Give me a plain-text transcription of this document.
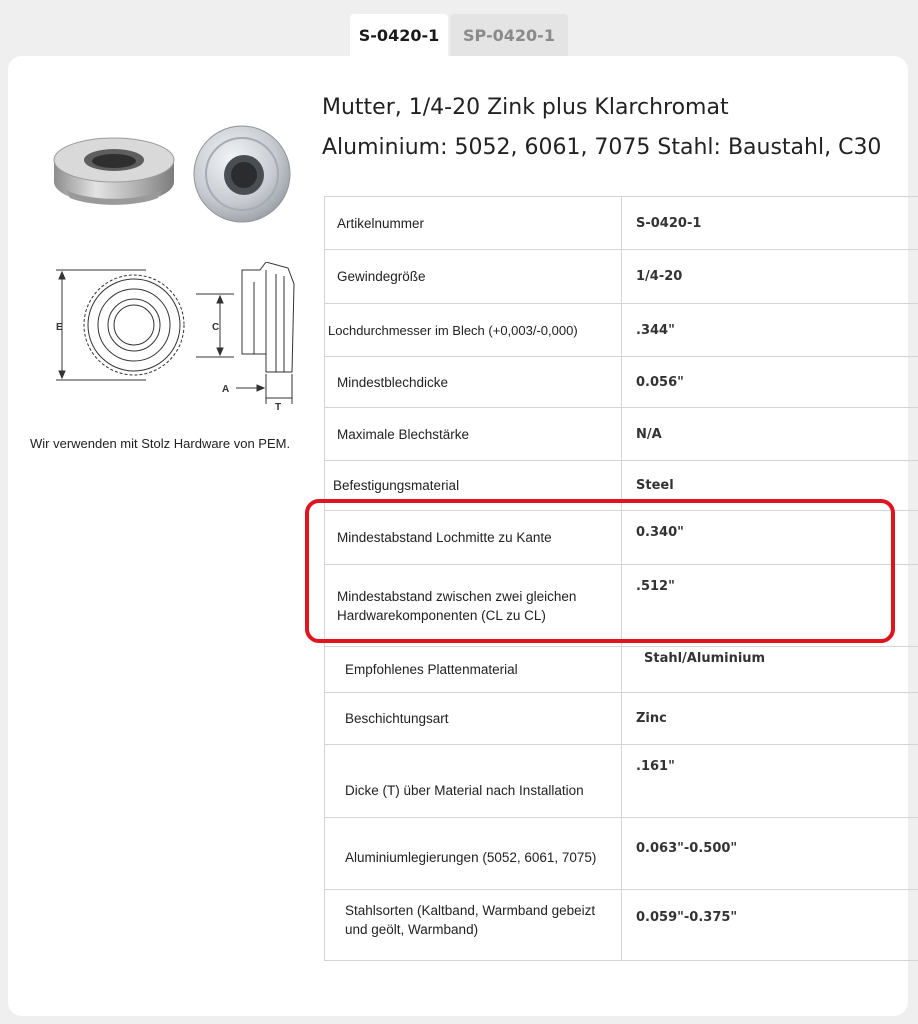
S-0420-1	SP-0420-1
E	C
A
T
Wir verwenden mit Stolz Hardware von PEM.
Mutter, 1/4-20 Zink plus Klarchromat
Aluminium: 5052, 6061, 7075 Stahl: Baustahl, C30
Artikelnummer	S-0420-1
Gewindegröße	1/4-20
Lochdurchmesser im Blech (+0,003/-0,000)	.344"
Mindestblechdicke	0.056"
Maximale Blechstärke	N/A
Befestigungsmaterial	Steel
Mindestabstand Lochmitte zu Kante	0.340"
Mindestabstand zwischen zwei gleichen Hardwarekomponenten (CL zu CL)	.512"
Empfohlenes Plattenmaterial	Stahl/Aluminium
Beschichtungsart	Zinc
Dicke (T) über Material nach Installation	.161"
Aluminiumlegierungen (5052, 6061, 7075)	0.063"-0.500"
Stahlsorten (Kaltband, Warmband gebeizt und geölt, Warmband)	0.059"-0.375"
